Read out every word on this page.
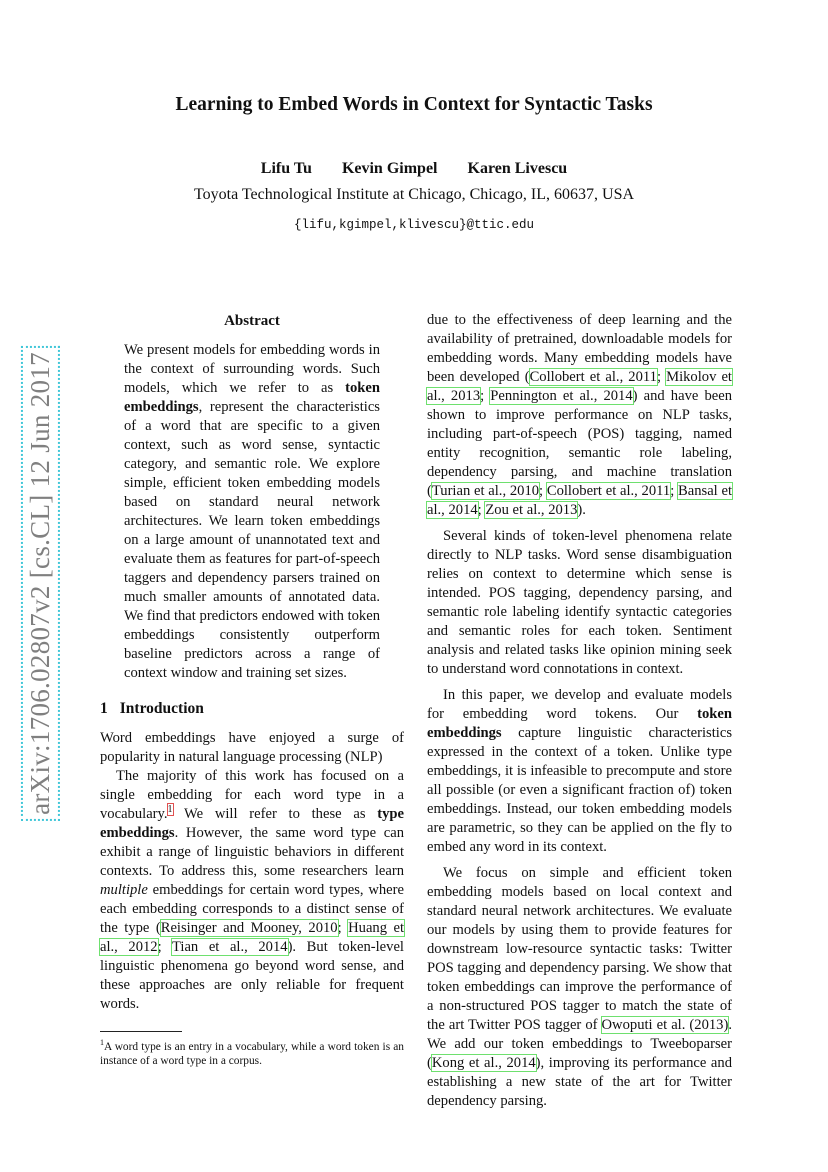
Learning to Embed Words in Context for Syntactic Tasks
Lifu Tu Kevin Gimpel Karen Livescu
Toyota Technological Institute at Chicago, Chicago, IL, 60637, USA
{lifu,kgimpel,klivescu}@ttic.edu
arXiv:1706.02807v2 [cs.CL] 12 Jun 2017
Abstract

We present models for embedding words in the context of surrounding words. Such models, which we refer to as token embeddings, represent the characteristics of a word that are specific to a given context, such as word sense, syntactic category, and semantic role. We explore simple, efficient token embedding models based on standard neural network architectures. We learn token embeddings on a large amount of unannotated text and evaluate them as features for part-of-speech taggers and dependency parsers trained on much smaller amounts of annotated data. We find that predictors endowed with token embeddings consistently outperform baseline predictors across a range of context window and training set sizes.

1 Introduction

Word embeddings have enjoyed a surge of popularity in natural language processing (NLP)

The majority of this work has focused on a single embedding for each word type in a vocabulary.$^1$ We will refer to these as type embeddings. However, the same word type can exhibit a range of linguistic behaviors in different contexts. To address this, some researchers learn multiple embeddings for certain word types, where each embedding corresponds to a distinct sense of the type (Reisinger and Mooney, 2010; Huang et al., 2012; Tian et al., 2014). But token-level linguistic phenomena go beyond word sense, and these approaches are only reliable for frequent words.

due to the effectiveness of deep learning and the availability of pretrained, downloadable models for embedding words. Many embedding models have been developed (Collobert et al., 2011; Mikolov et al., 2013; Pennington et al., 2014) and have been shown to improve performance on NLP tasks, including part-of-speech (POS) tagging, named entity recognition, semantic role labeling, dependency parsing, and machine translation (Turian et al., 2010; Collobert et al., 2011; Bansal et al., 2014; Zou et al., 2013).

Several kinds of token-level phenomena relate directly to NLP tasks. Word sense disambiguation relies on context to determine which sense is intended. POS tagging, dependency parsing, and semantic role labeling identify syntactic categories and semantic roles for each token. Sentiment analysis and related tasks like opinion mining seek to understand word connotations in context.

In this paper, we develop and evaluate models for embedding word tokens. Our token embeddings capture linguistic characteristics expressed in the context of a token. Unlike type embeddings, it is infeasible to precompute and store all possible (or even a significant fraction of) token embeddings. Instead, our token embedding models are parametric, so they can be applied on the fly to embed any word in its context.

We focus on simple and efficient token embedding models based on local context and standard neural network architectures. We evaluate our models by using them to provide features for downstream low-resource syntactic tasks: Twitter POS tagging and dependency parsing. We show that token embeddings can improve the performance of a non-structured POS tagger to match the state of the art Twitter POS tagger of Owoputi et al. (2013). We add our token embeddings to Tweeboparser (Kong et al., 2014), improving its performance and establishing a new state of the art for Twitter dependency parsing.

$^1$A word type is an entry in a vocabulary, while a word token is an instance of a word type in a corpus.
